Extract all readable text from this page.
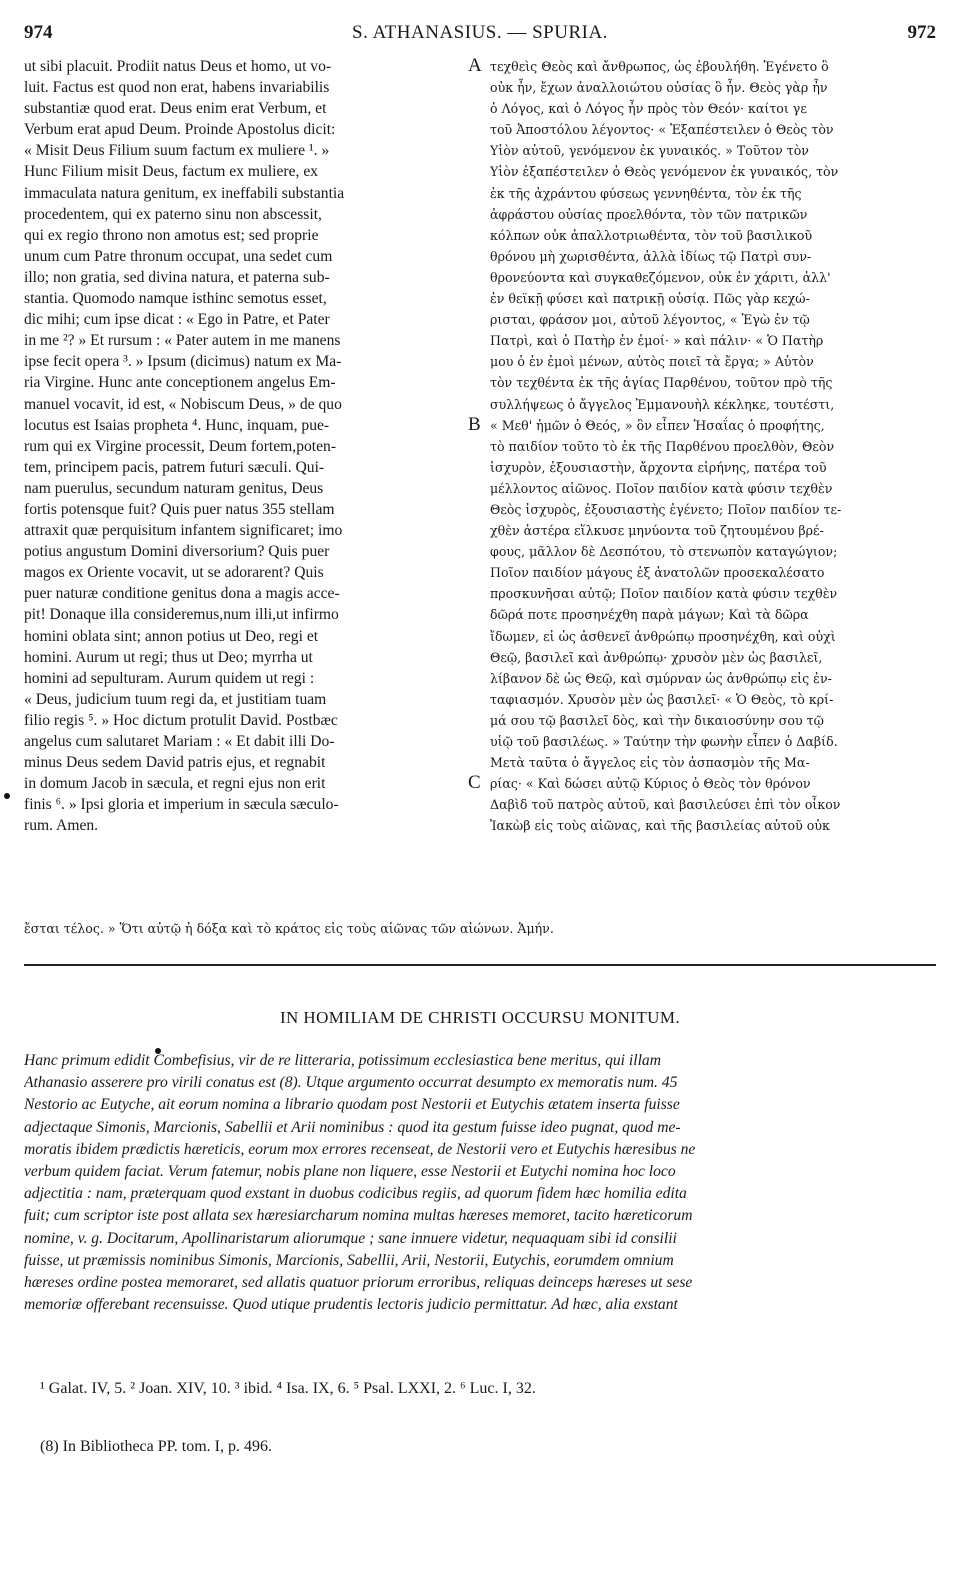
974	S. ATHANASIUS. — SPURIA.	972
ut sibi placuit. Prodiit natus Deus et homo, ut vo-
luit. Factus est quod non erat, habens invariabilis
substantiæ quod erat. Deus enim erat Verbum, et
Verbum erat apud Deum. Proinde Apostolus dicit:
« Misit Deus Filium suum factum ex muliere ¹. »
Hunc Filium misit Deus, factum ex muliere, ex
immaculata natura genitum, ex ineffabili substantia
procedentem, qui ex paterno sinu non abscessit,
qui ex regio throno non amotus est; sed proprie
unum cum Patre thronum occupat, una sedet cum
illo; non gratia, sed divina natura, et paterna sub-
stantia. Quomodo namque isthinc semotus esset,
dic mihi; cum ipse dicat : « Ego in Patre, et Pater
in me ²? » Et rursum : « Pater autem in me manens
ipse fecit opera ³. » Ipsum (dicimus) natum ex Ma-
ria Virgine. Hunc ante conceptionem angelus Em-
manuel vocavit, id est, « Nobiscum Deus, » de quo
locutus est Isaias propheta ⁴. Hunc, inquam, pue-
rum qui ex Virgine processit, Deum fortem,poten-
tem, principem pacis, patrem futuri sæculi. Qui-
nam puerulus, secundum naturam genitus, Deus
fortis potensque fuit? Quis puer natus 355 stellam
attraxit quæ perquisitum infantem significaret; imo
potius angustum Domini diversorium? Quis puer
magos ex Oriente vocavit, ut se adorarent? Quis
puer naturæ conditione genitus dona a magis acce-
pit! Donaque illa consideremus,num illi,ut infirmo
homini oblata sint; annon potius ut Deo, regi et
homini. Aurum ut regi; thus ut Deo; myrrha ut
homini ad sepulturam. Aurum quidem ut regi :
« Deus, judicium tuum regi da, et justitiam tuam
filio regis ⁵. » Hoc dictum protulit David. Postbæc
angelus cum salutaret Mariam : « Et dabit illi Do-
minus Deus sedem David patris ejus, et regnabit
in domum Jacob in sæcula, et regni ejus non erit
finis ⁶. » Ipsi gloria et imperium in sæcula sæculo-
rum. Amen.
τεχθεὶς Θεὸς καὶ ἄνθρωπος, ὡς ἐβουλήθη. Ἐγένετο ὃ
οὐκ ἦν, ἔχων ἀναλλοιώτου οὐσίας ὃ ἦν. Θεὸς γὰρ ἦν
ὁ Λόγος, καὶ ὁ Λόγος ἦν πρὸς τὸν Θεόν· καίτοι γε
τοῦ Ἀποστόλου λέγοντος· « Ἐξαπέστειλεν ὁ Θεὸς τὸν
Υἱὸν αὐτοῦ, γενόμενον ἐκ γυναικός. » Τοῦτον τὸν
Υἱὸν ἐξαπέστειλεν ὁ Θεὸς γενόμενον ἐκ γυναικός, τὸν
ἐκ τῆς ἀχράντου φύσεως γεννηθέντα, τὸν ἐκ τῆς
ἀφράστου οὐσίας προελθόντα, τὸν τῶν πατρικῶν
κόλπων οὐκ ἀπαλλοτριωθέντα, τὸν τοῦ βασιλικοῦ
θρόνου μὴ χωρισθέντα, ἀλλὰ ἰδίως τῷ Πατρὶ συν-
θρονεύοντα καὶ συγκαθεζόμενον, οὐκ ἐν χάριτι, ἀλλ'
ἐν θεϊκῇ φύσει καὶ πατρικῇ οὐσίᾳ. Πῶς γὰρ κεχώ-
ρισται, φράσον μοι, αὐτοῦ λέγοντος, « Ἐγὼ ἐν τῷ
Πατρὶ, καὶ ὁ Πατὴρ ἐν ἐμοί· » καὶ πάλιν· « Ὁ Πατὴρ
μου ὁ ἐν ἐμοὶ μένων, αὐτὸς ποιεῖ τὰ ἔργα; » Αὐτὸν
τὸν τεχθέντα ἐκ τῆς ἁγίας Παρθένου, τοῦτον πρὸ τῆς
συλλήψεως ὁ ἄγγελος Ἐμμανουὴλ κέκληκε, τουτέστι,
« Μεθ' ἡμῶν ὁ Θεός, » ὃν εἶπεν Ἡσαΐας ὁ προφήτης,
τὸ παιδίον τοῦτο τὸ ἐκ τῆς Παρθένου προελθὸν, Θεὸν
ἰσχυρὸν, ἐξουσιαστὴν, ἄρχοντα εἰρήνης, πατέρα τοῦ
μέλλοντος αἰῶνος. Ποῖον παιδίον κατὰ φύσιν τεχθὲν
Θεὸς ἰσχυρὸς, ἐξουσιαστὴς ἐγένετο; Ποῖον παιδίον τε-
χθὲν ἀστέρα εἵλκυσε μηνύοντα τοῦ ζητουμένου βρέ-
φους, μᾶλλον δὲ Δεσπότου, τὸ στενωπὸν καταγώγιον;
Ποῖον παιδίον μάγους ἐξ ἀνατολῶν προσεκαλέσατο
προσκυνῆσαι αὐτῷ; Ποῖον παιδίον κατὰ φύσιν τεχθὲν
δῶρά ποτε προσηνέχθη παρὰ μάγων; Καὶ τὰ δῶρα
ἴδωμεν, εἰ ὡς ἀσθενεῖ ἀνθρώπῳ προσηνέχθη, καὶ οὐχὶ
Θεῷ, βασιλεῖ καὶ ἀνθρώπῳ· χρυσὸν μὲν ὡς βασιλεῖ,
λίβανον δὲ ὡς Θεῷ, καὶ σμύρναν ὡς ἀνθρώπῳ εἰς ἐν-
ταφιασμόν. Χρυσὸν μὲν ὡς βασιλεῖ· « Ὁ Θεὸς, τὸ κρί-
μά σου τῷ βασιλεῖ δὸς, καὶ τὴν δικαιοσύνην σου τῷ
υἱῷ τοῦ βασιλέως. » Ταύτην τὴν φωνὴν εἶπεν ὁ Δαβίδ.
Μετὰ ταῦτα ὁ ἄγγελος εἰς τὸν ἀσπασμὸν τῆς Μα-
ρίας· « Καὶ δώσει αὐτῷ Κύριος ὁ Θεὸς τὸν θρόνον
Δαβὶδ τοῦ πατρὸς αὐτοῦ, καὶ βασιλεύσει ἐπὶ τὸν οἶκον
Ἰακὼβ εἰς τοὺς αἰῶνας, καὶ τῆς βασιλείας αὐτοῦ οὐκ
A
B
C
ἔσται τέλος. » Ὅτι αὐτῷ ἡ δόξα καὶ τὸ κράτος εἰς τοὺς αἰῶνας τῶν αἰώνων. Ἀμήν.
IN HOMILIAM DE CHRISTI OCCURSU MONITUM.
Hanc primum edidit Combefisius, vir de re litteraria, potissimum ecclesiastica bene meritus, qui illam
Athanasio asserere pro virili conatus est (8). Utque argumento occurrat desumpto ex memoratis num. 45
Nestorio ac Eutyche, ait eorum nomina a librario quodam post Nestorii et Eutychis ætatem inserta fuisse
adjectaque Simonis, Marcionis, Sabellii et Arii nominibus : quod ita gestum fuisse ideo pugnat, quod me-
moratis ibidem prædictis hæreticis, eorum mox errores recenseat, de Nestorii vero et Eutychis hæresibus ne
verbum quidem faciat. Verum fatemur, nobis plane non liquere, esse Nestorii et Eutychi nomina hoc loco
adjectitia : nam, præterquam quod exstant in duobus codicibus regiis, ad quorum fidem hæc homilia edita
fuit; cum scriptor iste post allata sex hæresiarcharum nomina multas hæreses memoret, tacito hæreticorum
nomine, v. g. Docitarum, Apollinaristarum aliorumque ; sane innuere videtur, nequaquam sibi id consilii
fuisse, ut præmissis nominibus Simonis, Marcionis, Sabellii, Arii, Nestorii, Eutychis, eorumdem omnium
hæreses ordine postea memoraret, sed allatis quatuor priorum erroribus, reliquas deinceps hæreses ut sese
memoriæ offerebant recensuisse. Quod utique prudentis lectoris judicio permittatur. Ad hæc, alia exstant
¹ Galat. IV, 5. ² Joan. XIV, 10. ³ ibid. ⁴ Isa. IX, 6. ⁵ Psal. LXXI, 2. ⁶ Luc. I, 32.
(8) In Bibliotheca PP. tom. I, p. 496.
